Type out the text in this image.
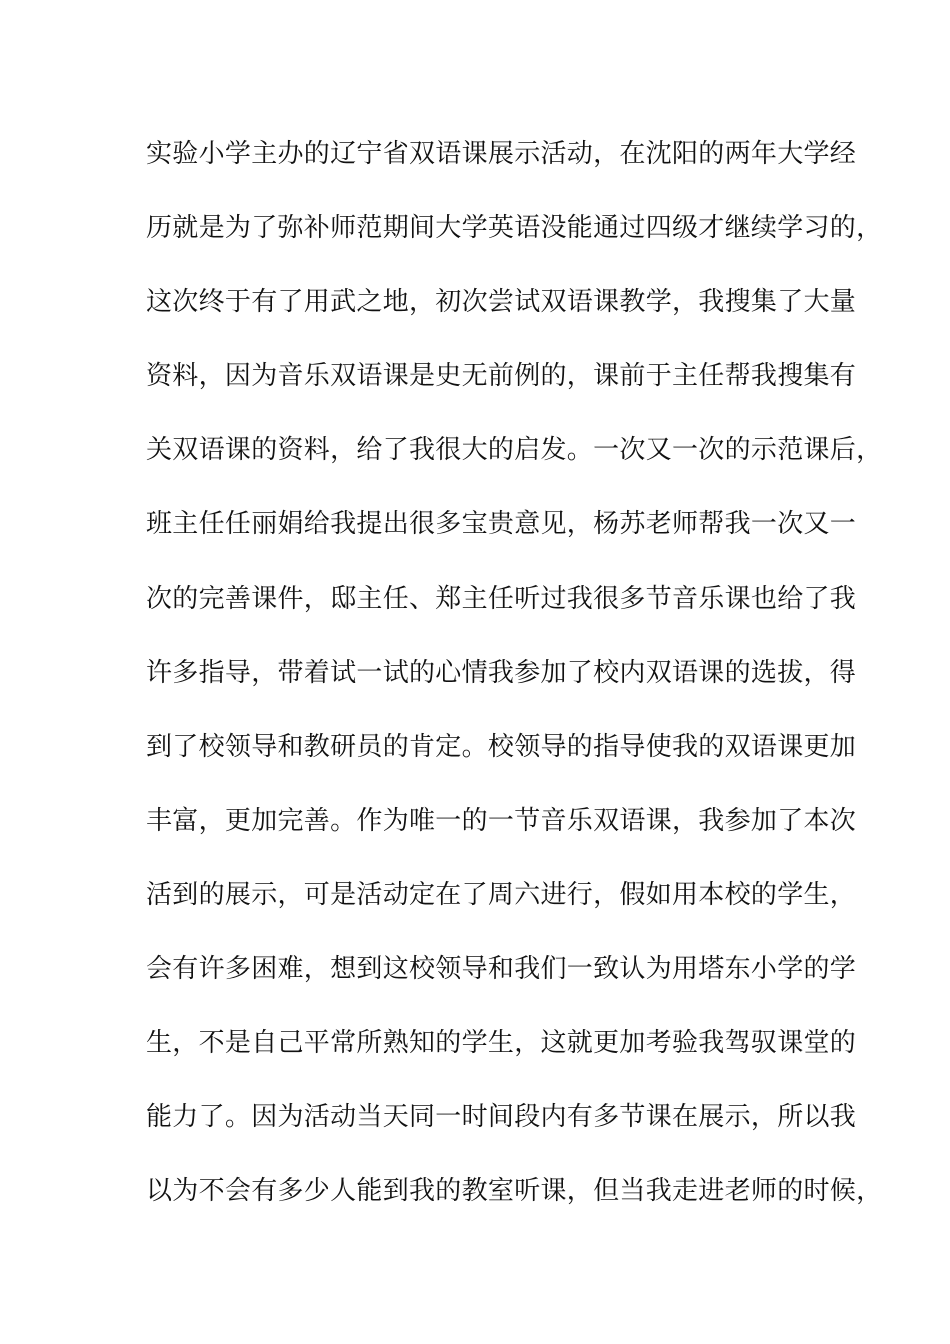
实验小学主办的辽宁省双语课展示活动，在沈阳的两年大学经
历就是为了弥补师范期间大学英语没能通过四级才继续学习的，
这次终于有了用武之地，初次尝试双语课教学，我搜集了大量
资料，因为音乐双语课是史无前例的，课前于主任帮我搜集有
关双语课的资料，给了我很大的启发。一次又一次的示范课后，
班主任任丽娟给我提出很多宝贵意见，杨苏老师帮我一次又一
次的完善课件，邸主任、郑主任听过我很多节音乐课也给了我
许多指导，带着试一试的心情我参加了校内双语课的选拔，得
到了校领导和教研员的肯定。校领导的指导使我的双语课更加
丰富，更加完善。作为唯一的一节音乐双语课，我参加了本次
活到的展示，可是活动定在了周六进行，假如用本校的学生，
会有许多困难，想到这校领导和我们一致认为用塔东小学的学
生，不是自己平常所熟知的学生，这就更加考验我驾驭课堂的
能力了。因为活动当天同一时间段内有多节课在展示，所以我
以为不会有多少人能到我的教室听课，但当我走进老师的时候，
